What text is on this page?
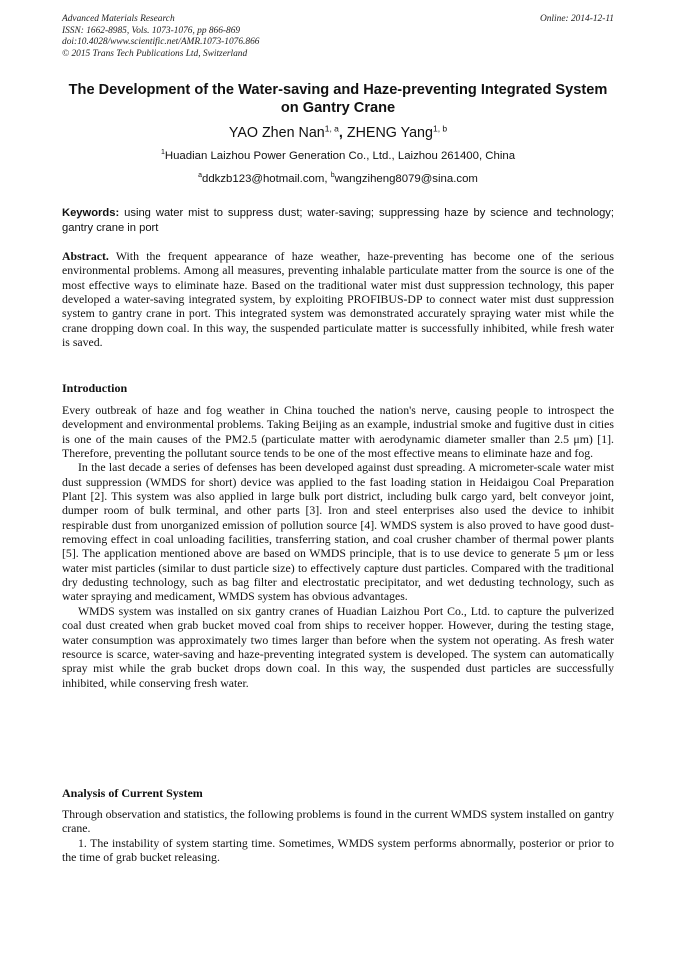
Advanced Materials Research	Online: 2014-12-11
ISSN: 1662-8985, Vols. 1073-1076, pp 866-869
doi:10.4028/www.scientific.net/AMR.1073-1076.866
© 2015 Trans Tech Publications Ltd, Switzerland
The Development of the Water-saving and Haze-preventing Integrated System on Gantry Crane
YAO Zhen Nan$^{1, a}$, ZHENG Yang$^{1, b}$
$^1$Huadian Laizhou Power Generation Co., Ltd., Laizhou 261400, China
$^a$ddkzb123@hotmail.com, $^b$wangziheng8079@sina.com
Keywords: using water mist to suppress dust; water-saving; suppressing haze by science and technology; gantry crane in port

Abstract. With the frequent appearance of haze weather, haze-preventing has become one of the serious environmental problems. Among all measures, preventing inhalable particulate matter from the source is one of the most effective ways to eliminate haze. Based on the traditional water mist dust suppression technology, this paper developed a water-saving integrated system, by exploiting PROFIBUS-DP to connect water mist dust suppression system to gantry crane in port. This integrated system was demonstrated accurately spraying water mist while the crane dropping down coal. In this way, the suspended particulate matter is successfully inhibited, while fresh water is saved.

Introduction

Every outbreak of haze and fog weather in China touched the nation's nerve, causing people to introspect the development and environmental problems. Taking Beijing as an example, industrial smoke and fugitive dust in cities is one of the main causes of the PM2.5 (particulate matter with aerodynamic diameter smaller than 2.5 μm) [1]. Therefore, preventing the pollutant source tends to be one of the most effective means to eliminate haze and fog.

In the last decade a series of defenses has been developed against dust spreading. A micrometer-scale water mist dust suppression (WMDS for short) device was applied to the fast loading station in Heidaigou Coal Preparation Plant [2]. This system was also applied in large bulk port district, including bulk cargo yard, belt conveyor joint, dumper room of bulk terminal, and other parts [3]. Iron and steel enterprises also used the device to inhibit respirable dust from unorganized emission of pollution source [4]. WMDS system is also proved to have good dust-removing effect in coal unloading facilities, transferring station, and coal crusher chamber of thermal power plants [5]. The application mentioned above are based on WMDS principle, that is to use device to generate 5 μm or less water mist particles (similar to dust particle size) to effectively capture dust particles. Compared with the traditional dry dedusting technology, such as bag filter and electrostatic precipitator, and wet dedusting technology, such as water spraying and medicament, WMDS system has obvious advantages.

WMDS system was installed on six gantry cranes of Huadian Laizhou Port Co., Ltd. to capture the pulverized coal dust created when grab bucket moved coal from ships to receiver hopper. However, during the testing stage, water consumption was approximately two times larger than before when the system not operating. As fresh water resource is scarce, water-saving and haze-preventing integrated system is developed. The system can automatically spray mist while the grab bucket drops down coal. In this way, the suspended dust particles are successfully inhibited, while conserving fresh water.

Analysis of Current System

Through observation and statistics, the following problems is found in the current WMDS system installed on gantry crane.

1. The instability of system starting time. Sometimes, WMDS system performs abnormally, posterior or prior to the time of grab bucket releasing.
